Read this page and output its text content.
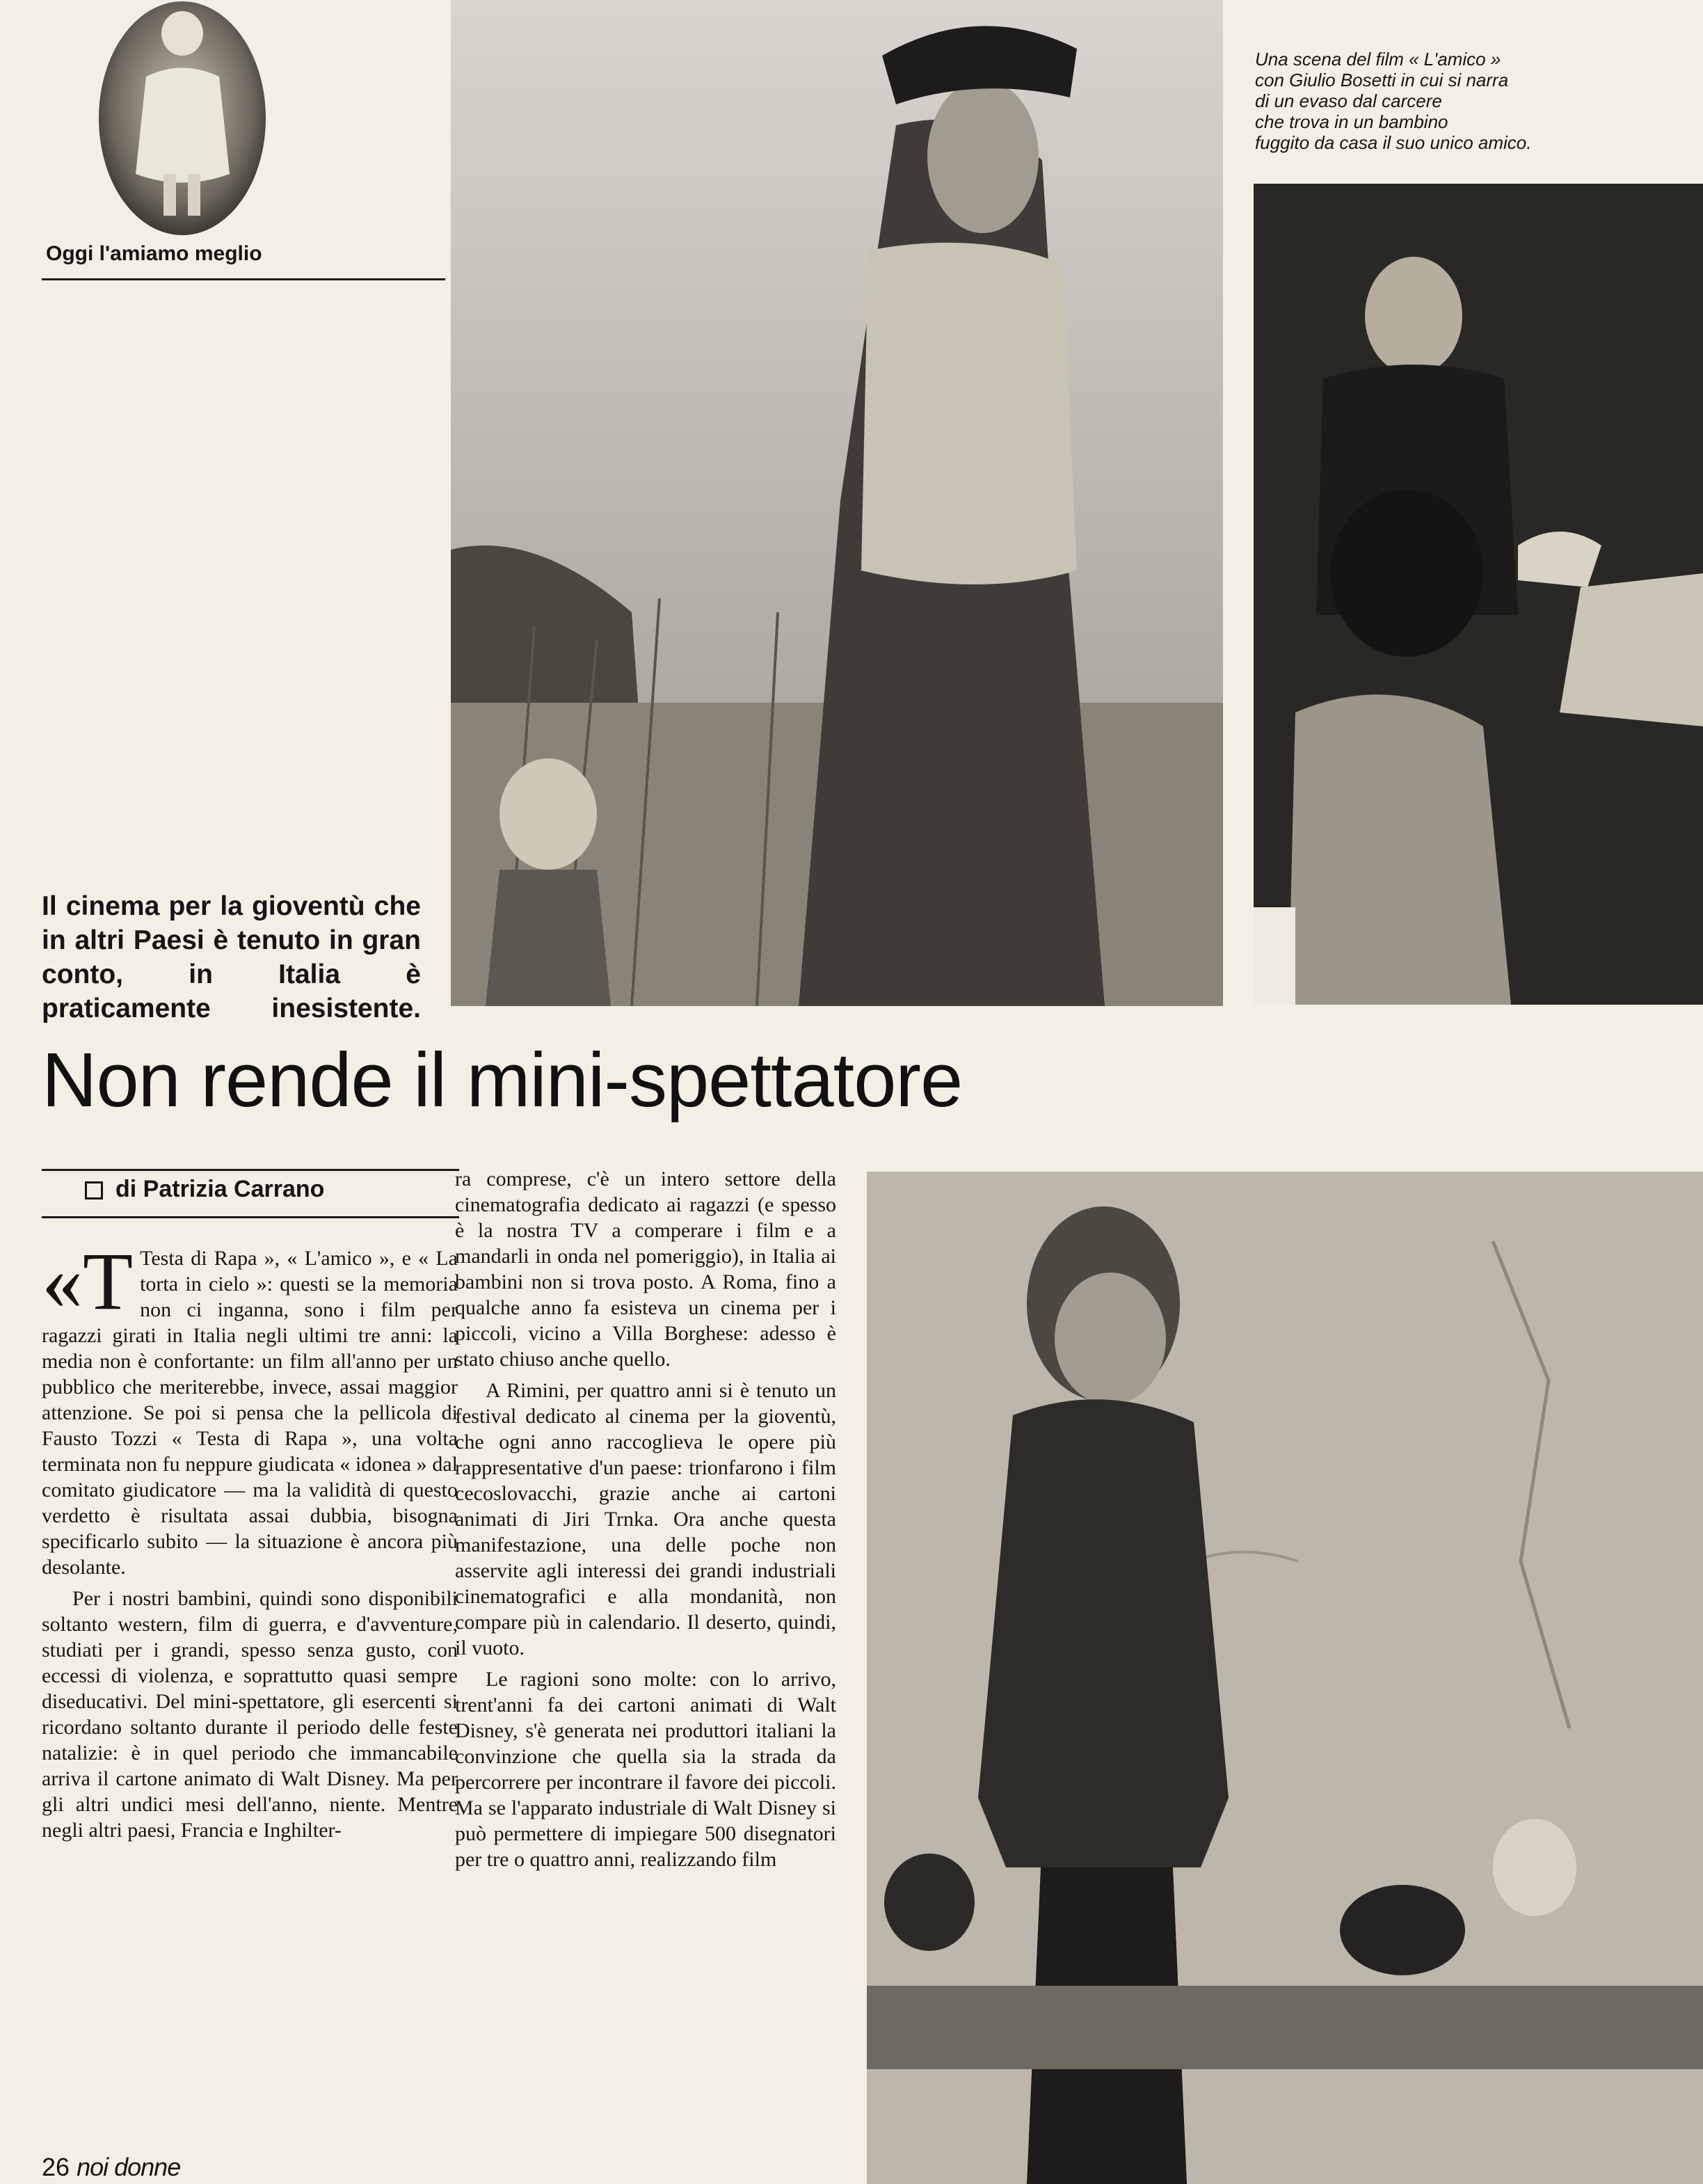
Oggi l'amiamo meglio
Una scena del film « L'amico »
con Giulio Bosetti in cui si narra
di un evaso dal carcere
che trova in un bambino
fuggito da casa il suo unico amico.
Il cinema per la gioventù che in altri Paesi è tenuto in gran conto, in Italia è praticamente inesistente.
Non rende il mini-spettatore
di Patrizia Carrano

«T Testa di Rapa », « L'amico », e « La torta in cielo »: questi se la memoria non ci inganna, sono i film per ragazzi girati in Italia negli ultimi tre anni: la media non è confortante: un film all'anno per un pubblico che meriterebbe, invece, assai maggior attenzione. Se poi si pensa che la pellicola di Fausto Tozzi « Testa di Rapa », una volta terminata non fu neppure giudicata « idonea » dal comitato giudicatore — ma la validità di questo verdetto è risultata assai dubbia, bisogna specificarlo subito — la situazione è ancora più desolante.

Per i nostri bambini, quindi sono disponibili soltanto western, film di guerra, e d'avventure, studiati per i grandi, spesso senza gusto, con eccessi di violenza, e soprattutto quasi sempre diseducativi. Del mini-spettatore, gli esercenti si ricordano soltanto durante il periodo delle feste natalizie: è in quel periodo che immancabile arriva il cartone animato di Walt Disney. Ma per gli altri undici mesi dell'anno, niente. Mentre negli altri paesi, Francia e Inghilter-

ra comprese, c'è un intero settore della cinematografia dedicato ai ragazzi (e spesso è la nostra TV a comperare i film e a mandarli in onda nel pomeriggio), in Italia ai bambini non si trova posto. A Roma, fino a qualche anno fa esisteva un cinema per i piccoli, vicino a Villa Borghese: adesso è stato chiuso anche quello.

A Rimini, per quattro anni si è tenuto un festival dedicato al cinema per la gioventù, che ogni anno raccoglieva le opere più rappresentative d'un paese: trionfarono i film cecoslovacchi, grazie anche ai cartoni animati di Jiri Trnka. Ora anche questa manifestazione, una delle poche non asservite agli interessi dei grandi industriali cinematografici e alla mondanità, non compare più in calendario. Il deserto, quindi, il vuoto.

Le ragioni sono molte: con lo arrivo, trent'anni fa dei cartoni animati di Walt Disney, s'è generata nei produttori italiani la convinzione che quella sia la strada da percorrere per incontrare il favore dei piccoli. Ma se l'apparato industriale di Walt Disney si può permettere di impiegare 500 disegnatori per tre o quattro anni, realizzando film

26 noi donne
